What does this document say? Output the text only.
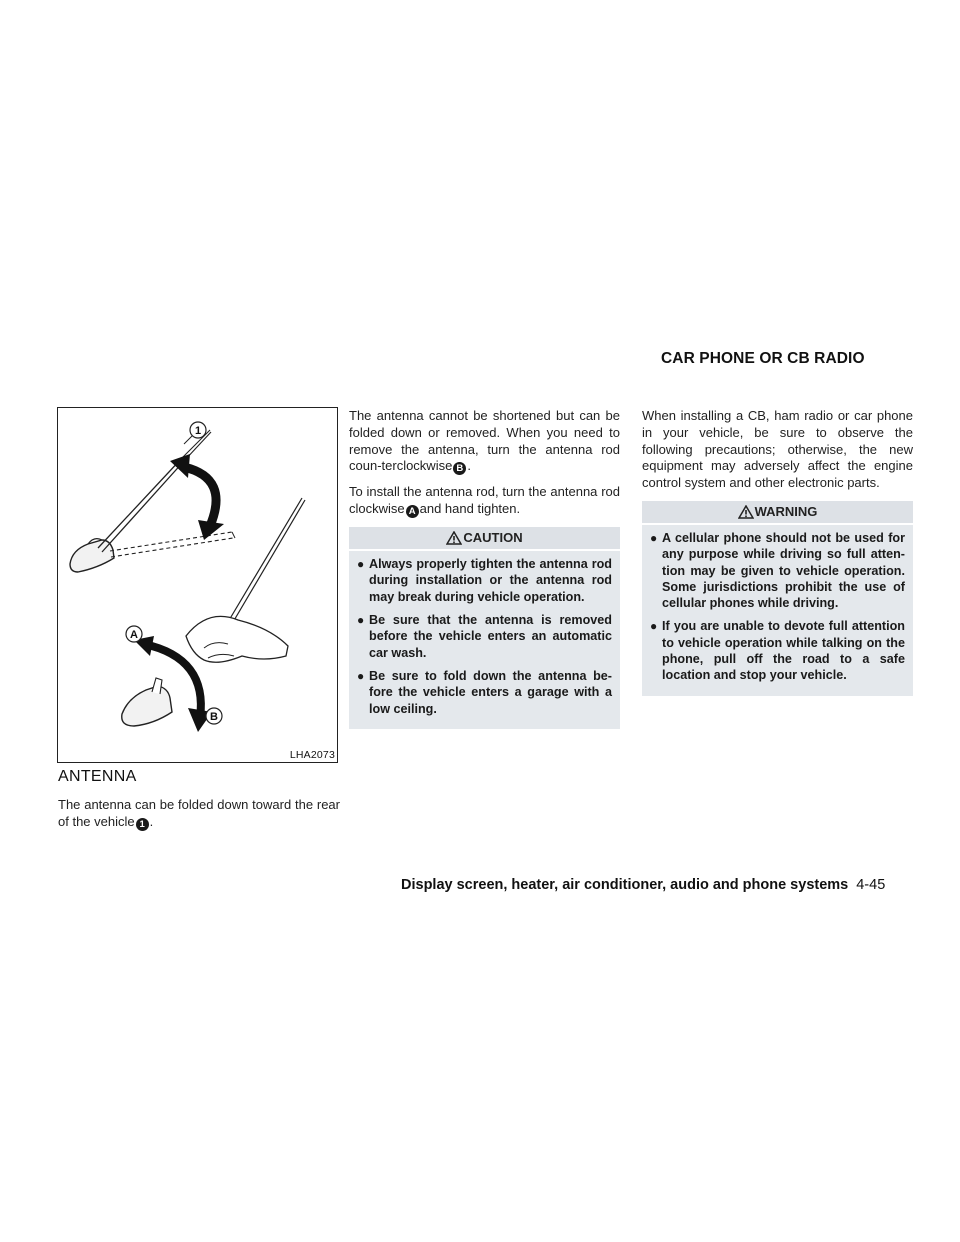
CAR PHONE OR CB RADIO
1
A
B
LHA2073
ANTENNA

The antenna can be folded down toward the rear of the vehicle 1 .

The antenna cannot be shortened but can be folded down or removed. When you need to remove the antenna, turn the antenna rod coun-terclockwise B .

To install the antenna rod, turn the antenna rod clockwise A and hand tighten.

CAUTION
● Always properly tighten the antenna rod during installation or the antenna rod may break during vehicle operation.
● Be sure that the antenna is removed before the vehicle enters an automatic car wash.
● Be sure to fold down the antenna be-fore the vehicle enters a garage with a low ceiling.

When installing a CB, ham radio or car phone in your vehicle, be sure to observe the following precautions; otherwise, the new equipment may adversely affect the engine control system and other electronic parts.

WARNING
● A cellular phone should not be used for any purpose while driving so full atten-tion may be given to vehicle operation. Some jurisdictions prohibit the use of cellular phones while driving.
● If you are unable to devote full attention to vehicle operation while talking on the phone, pull off the road to a safe location and stop your vehicle.
Display screen, heater, air conditioner, audio and phone systems 4-45
